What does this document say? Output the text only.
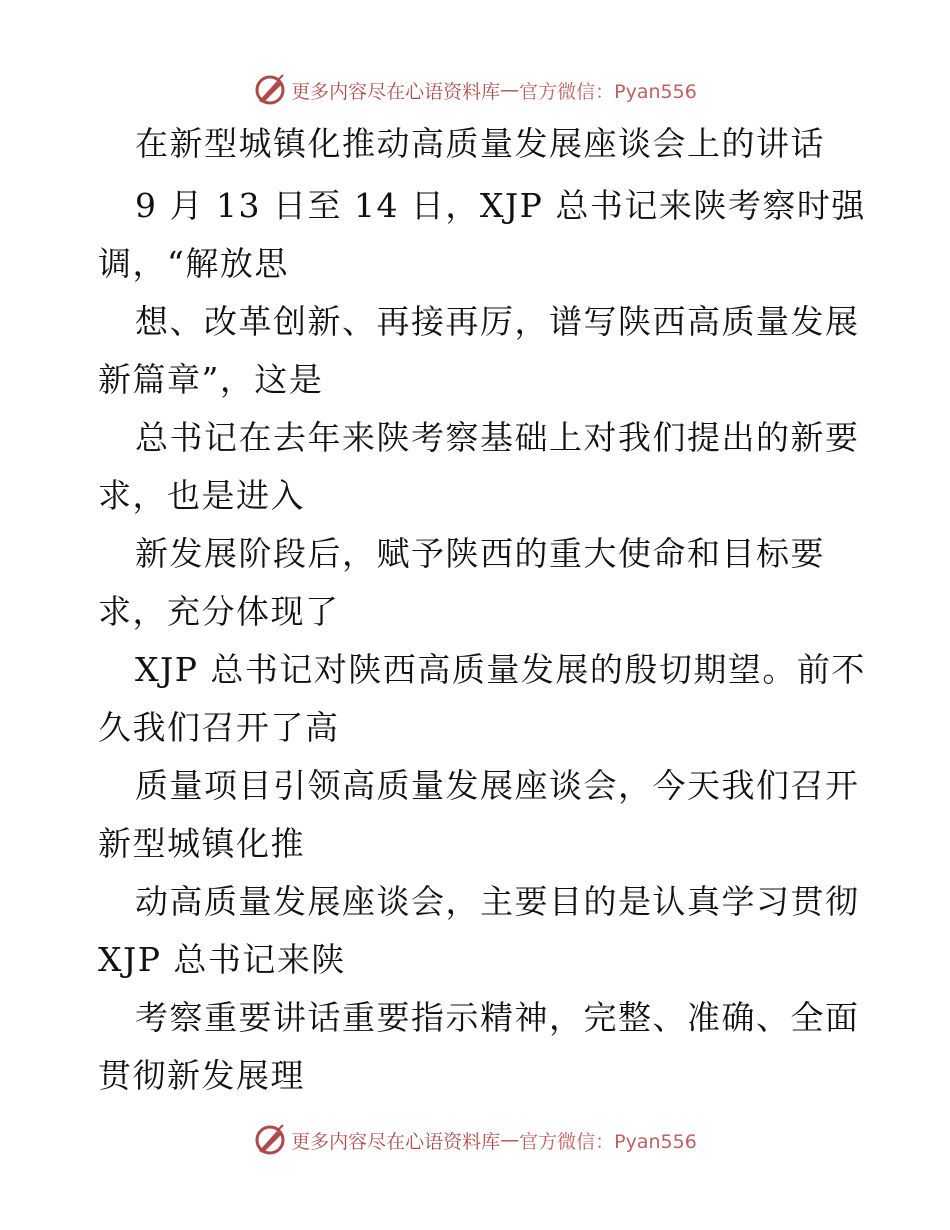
更多内容尽在心语资料库 — 官方微信：Pyan556
在新型城镇化推动高质量发展座谈会上的讲话
9 月 13 日至 14 日，XJP 总书记来陕考察时强
调，“解放思
想、改革创新、再接再厉，谱写陕西高质量发展
新篇章”，这是
总书记在去年来陕考察基础上对我们提出的新要
求，也是进入
新发展阶段后，赋予陕西的重大使命和目标要
求，充分体现了
XJP 总书记对陕西高质量发展的殷切期望。前不
久我们召开了高
质量项目引领高质量发展座谈会，今天我们召开
新型城镇化推
动高质量发展座谈会，主要目的是认真学习贯彻
XJP 总书记来陕
考察重要讲话重要指示精神，完整、准确、全面
贯彻新发展理
更多内容尽在心语资料库 — 官方微信：Pyan556
